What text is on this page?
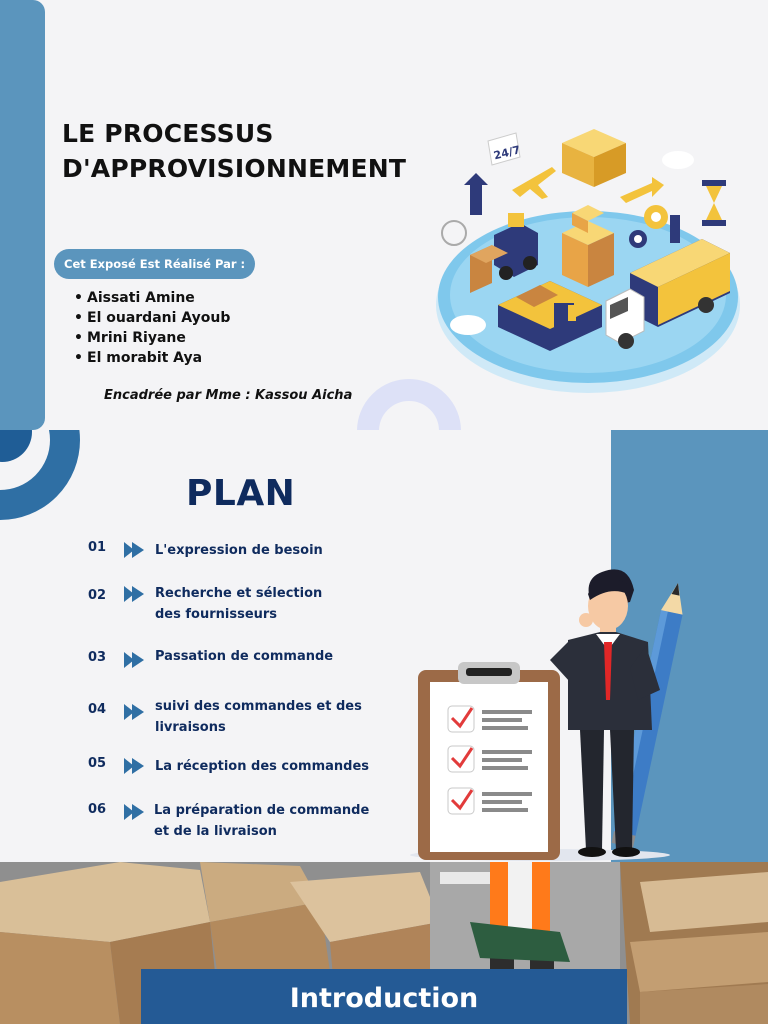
LE PROCESSUS
D'APPROVISIONNEMENT
Cet Exposé Est Réalisé Par :
• Aissati Amine
• El ouardani Ayoub
• Mrini Riyane
• El morabit Aya
Encadrée par Mme : Kassou Aicha
24/7
PLAN
01	L'expression de besoin
02	Recherche et sélection
des fournisseurs
03	Passation de commande
04	suivi des commandes et des
livraisons
05	La réception des commandes
06	La préparation de commande
et de la livraison
Introduction
